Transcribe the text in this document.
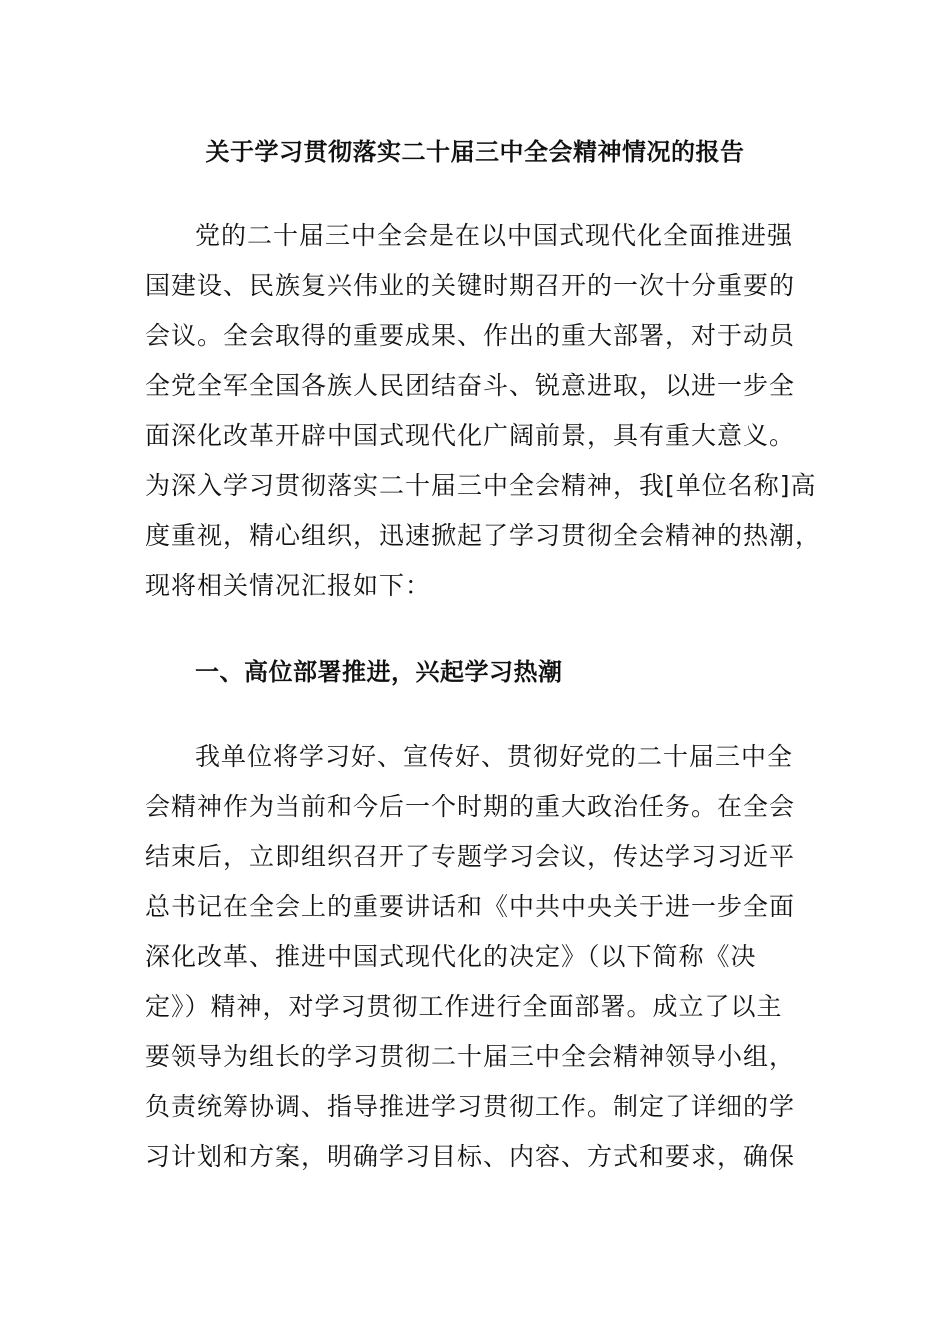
关于学习贯彻落实二十届三中全会精神情况的报告
党的二十届三中全会是在以中国式现代化全面推进强
国建设、民族复兴伟业的关键时期召开的一次十分重要的
会议。全会取得的重要成果、作出的重大部署，对于动员
全党全军全国各族人民团结奋斗、锐意进取，以进一步全
面深化改革开辟中国式现代化广阔前景，具有重大意义。
为深入学习贯彻落实二十届三中全会精神，我[单位名称]高
度重视，精心组织，迅速掀起了学习贯彻全会精神的热潮，
现将相关情况汇报如下：
一、高位部署推进，兴起学习热潮
我单位将学习好、宣传好、贯彻好党的二十届三中全
会精神作为当前和今后一个时期的重大政治任务。在全会
结束后，立即组织召开了专题学习会议，传达学习习近平
总书记在全会上的重要讲话和《中共中央关于进一步全面
深化改革、推进中国式现代化的决定》（以下简称《决
定》）精神，对学习贯彻工作进行全面部署。成立了以主
要领导为组长的学习贯彻二十届三中全会精神领导小组，
负责统筹协调、指导推进学习贯彻工作。制定了详细的学
习计划和方案，明确学习目标、内容、方式和要求，确保
